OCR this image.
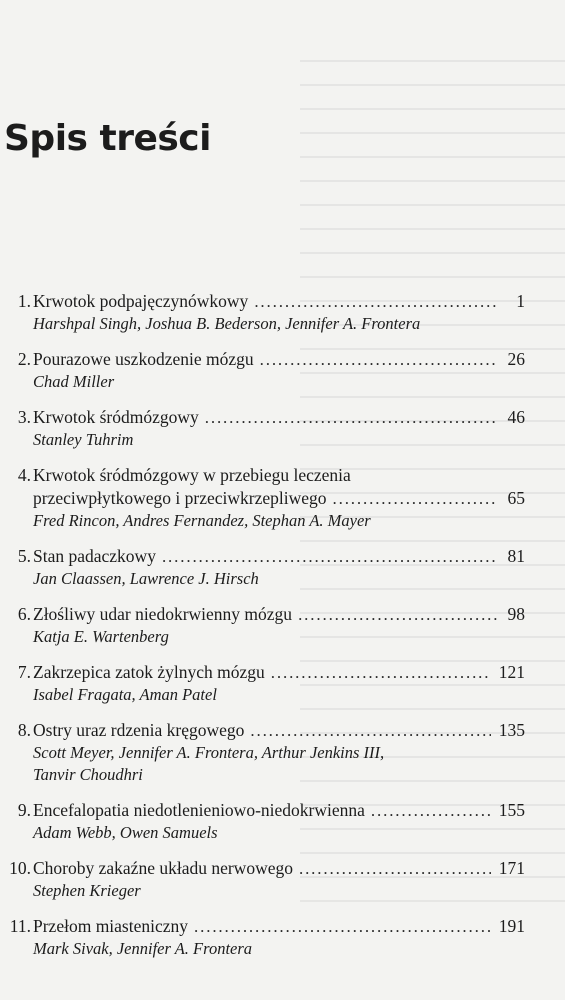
Spis treści
1. Krwotok podpajęczynówkowy . . .	1
Harshpal Singh, Joshua B. Bederson, Jennifer A. Frontera
2. Pourazowe uszkodzenie mózgu . . .	26
Chad Miller
3. Krwotok śródmózgowy . . .	46
Stanley Tuhrim
4. Krwotok śródmózgowy w przebiegu leczenia
przeciwpłytkowego i przeciwkrzepliwego . . .	65
Fred Rincon, Andres Fernandez, Stephan A. Mayer
5. Stan padaczkowy . . .	81
Jan Claassen, Lawrence J. Hirsch
6. Złośliwy udar niedokrwienny mózgu . . .	98
Katja E. Wartenberg
7. Zakrzepica zatok żylnych mózgu . . .	121
Isabel Fragata, Aman Patel
8. Ostry uraz rdzenia kręgowego . . .	135
Scott Meyer, Jennifer A. Frontera, Arthur Jenkins III,
Tanvir Choudhri
9. Encefalopatia niedotlenieniowo-niedokrwienna . . .	155
Adam Webb, Owen Samuels
10. Choroby zakaźne układu nerwowego . . .	171
Stephen Krieger
11. Przełom miasteniczny . . .	191
Mark Sivak, Jennifer A. Frontera
